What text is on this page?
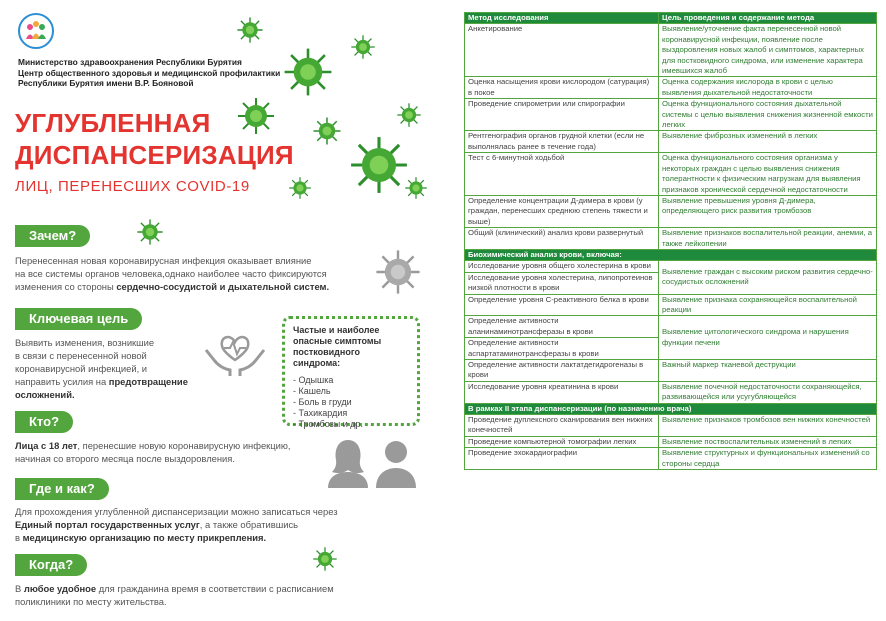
Министерство здравоохранения Республики Бурятия
Центр общественного здоровья и медицинской профилактики
Республики Бурятия имени В.Р. Бояновой
УГЛУБЛЕННАЯ
ДИСПАНСЕРИЗАЦИЯ
ЛИЦ, ПЕРЕНЕСШИХ COVID-19
Зачем?
Перенесенная новая коронавирусная инфекция оказывает влияние
на все системы органов человека,однако наиболее часто фиксируются
изменения со стороны сердечно-сосудистой и дыхательной систем.
Ключевая цель
Выявить изменения, возникшие
в связи с перенесенной новой
коронавирусной инфекцией, и
направить усилия на предотвращение
осложнений.
Частые и наиболее
опасные симптомы
постковидного синдрома:
- Одышка
- Кашель
- Боль в груди
- Тахикардия
- Тромбозы и др.
Кто?
Лица с 18 лет, перенесшие новую коронавирусную инфекцию,
начиная со второго месяца после выздоровления.
Где и как?
Для прохождения углубленной диспансеризации можно записаться через
Единый портал государственных услуг, а также обратившись
в медицинскую организацию по месту прикрепления.
Когда?
В любое удобное для гражданина время в соответствии с расписанием
поликлиники по месту жительства.
Метод исследования	Цель проведения и содержание метода
Анкетирование	Выявление/уточнение факта перенесенной новой коронавирусной инфекции, появление после выздоровления новых жалоб и симптомов, характерных для постковидного синдрома, или изменение характера имевшихся жалоб
Оценка насыщения крови кислородом (сатурация) в покое	Оценка содержания кислорода в крови с целью выявления дыхательной недостаточности
Проведение спирометрии или спирографии	Оценка функционального состояния дыхательной системы с целью выявления снижения жизненной емкости легких
Рентгенография органов грудной клетки (если не выполнялась ранее в течение года)	Выявление фиброзных изменений в легких
Тест с 6-минутной ходьбой	Оценка функционального состояния организма у некоторых граждан с целью выявления снижения толерантности к физическим нагрузкам для выявления признаков хронической сердечной недостаточности
Определение концентрации Д-димера в крови (у граждан, перенесших среднюю степень тяжести и выше)	Выявление превышения уровня Д-димера, определяющего риск развития тромбозов
Общий (клинический) анализ крови развернутый	Выявление признаков воспалительной реакции, анемии, а также лейкопении
Биохимический анализ крови, включая:	
Исследование уровня общего холестерина в крови	Выявление граждан с высоким риском развития сердечно-сосудистых осложнений
Исследование уровня холестерина, липопротеинов низкой плотности в крови	
Определение уровня С-реактивного белка в крови	Выявление признака сохраняющейся воспалительной реакции
Определение активности аланинаминотрансферазы в крови	Выявление цитологического синдрома и нарушения функции печени
Определение активности аспартатаминотрансферазы в крови	
Определение активности лактатдегидрогеназы в крови	Важный маркер тканевой деструкции
Исследование уровня креатинина в крови	Выявление почечной недостаточности сохраняющейся, развивающейся или усугубляющейся
В рамках II этапа диспансеризации (по назначению врача)	
Проведение дуплексного сканирования вен нижних конечностей	Выявление признаков тромбозов вен нижних конечностей
Проведение компьютерной томографии легких	Выявление поствоспалительных изменений в легких
Проведение эхокардиографии	Выявление структурных и функциональных изменений со стороны сердца
